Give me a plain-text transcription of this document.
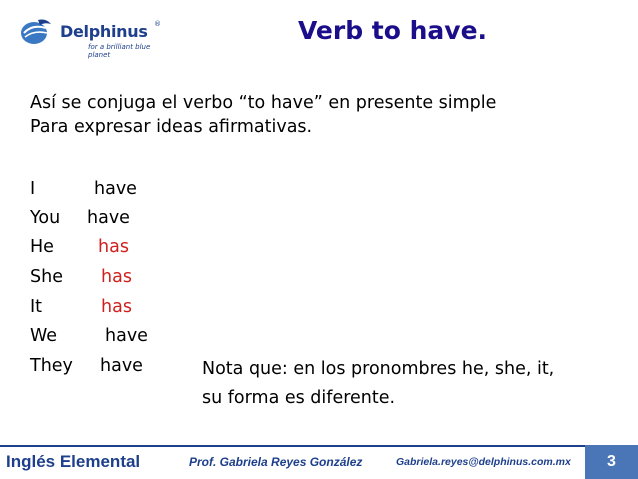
Delphinus ®
for a brilliant blue planet
Verb to have.
Así se conjuga el verbo “to have” en presente simple
Para expresar ideas afirmativas.
I	have
You have
He	has
She has
It	has
We	have
They have	Nota que: en los pronombres he, she, it,
su forma es diferente.
Inglés Elemental	Prof. Gabriela Reyes González	Gabriela.reyes@delphinus.com.mx	3
